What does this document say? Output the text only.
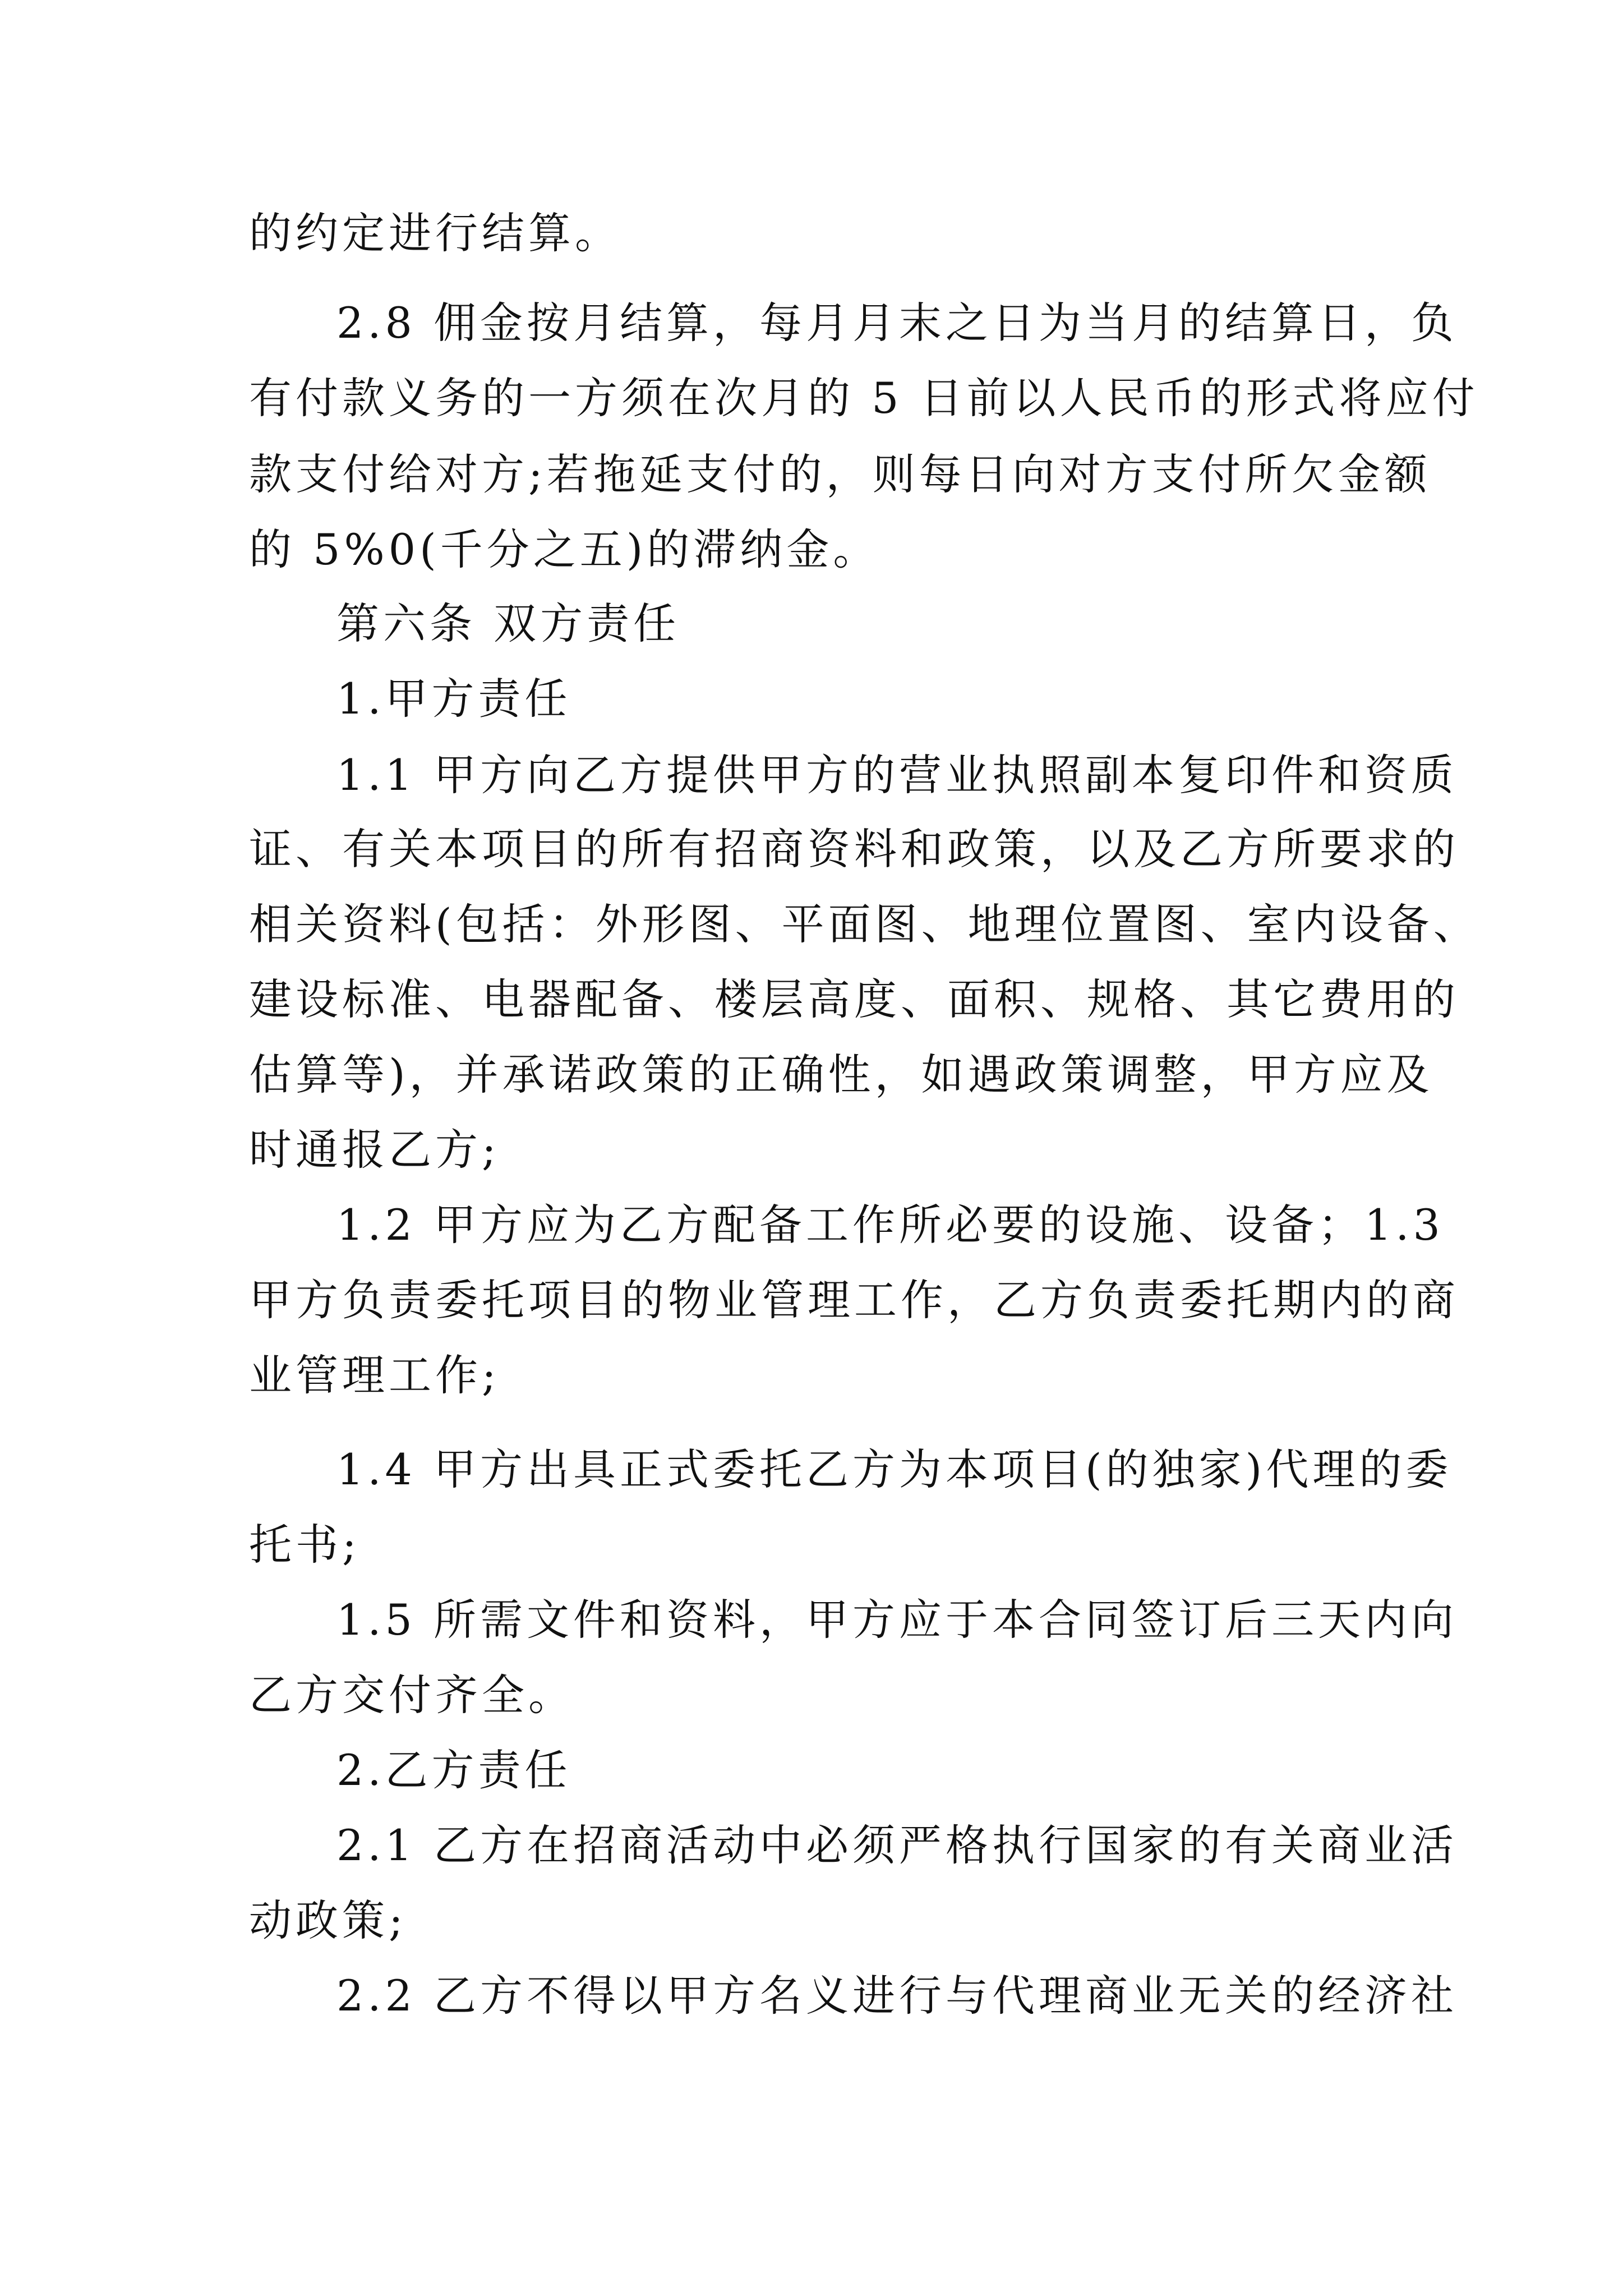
的约定进行结算。
2.8 佣金按月结算，每月月末之日为当月的结算日，负
有付款义务的一方须在次月的 5 日前以人民币的形式将应付
款支付给对方;若拖延支付的，则每日向对方支付所欠金额
的 5%0(千分之五)的滞纳金。
第六条 双方责任
1.甲方责任
1.1 甲方向乙方提供甲方的营业执照副本复印件和资质
证、有关本项目的所有招商资料和政策，以及乙方所要求的
相关资料(包括：外形图、平面图、地理位置图、室内设备、
建设标准、电器配备、楼层高度、面积、规格、其它费用的
估算等)，并承诺政策的正确性，如遇政策调整，甲方应及
时通报乙方;
1.2 甲方应为乙方配备工作所必要的设施、设备；1.3
甲方负责委托项目的物业管理工作，乙方负责委托期内的商
业管理工作;
1.4 甲方出具正式委托乙方为本项目(的独家)代理的委
托书;
1.5 所需文件和资料，甲方应于本合同签订后三天内向
乙方交付齐全。
2.乙方责任
2.1 乙方在招商活动中必须严格执行国家的有关商业活
动政策;
2.2 乙方不得以甲方名义进行与代理商业无关的经济社
